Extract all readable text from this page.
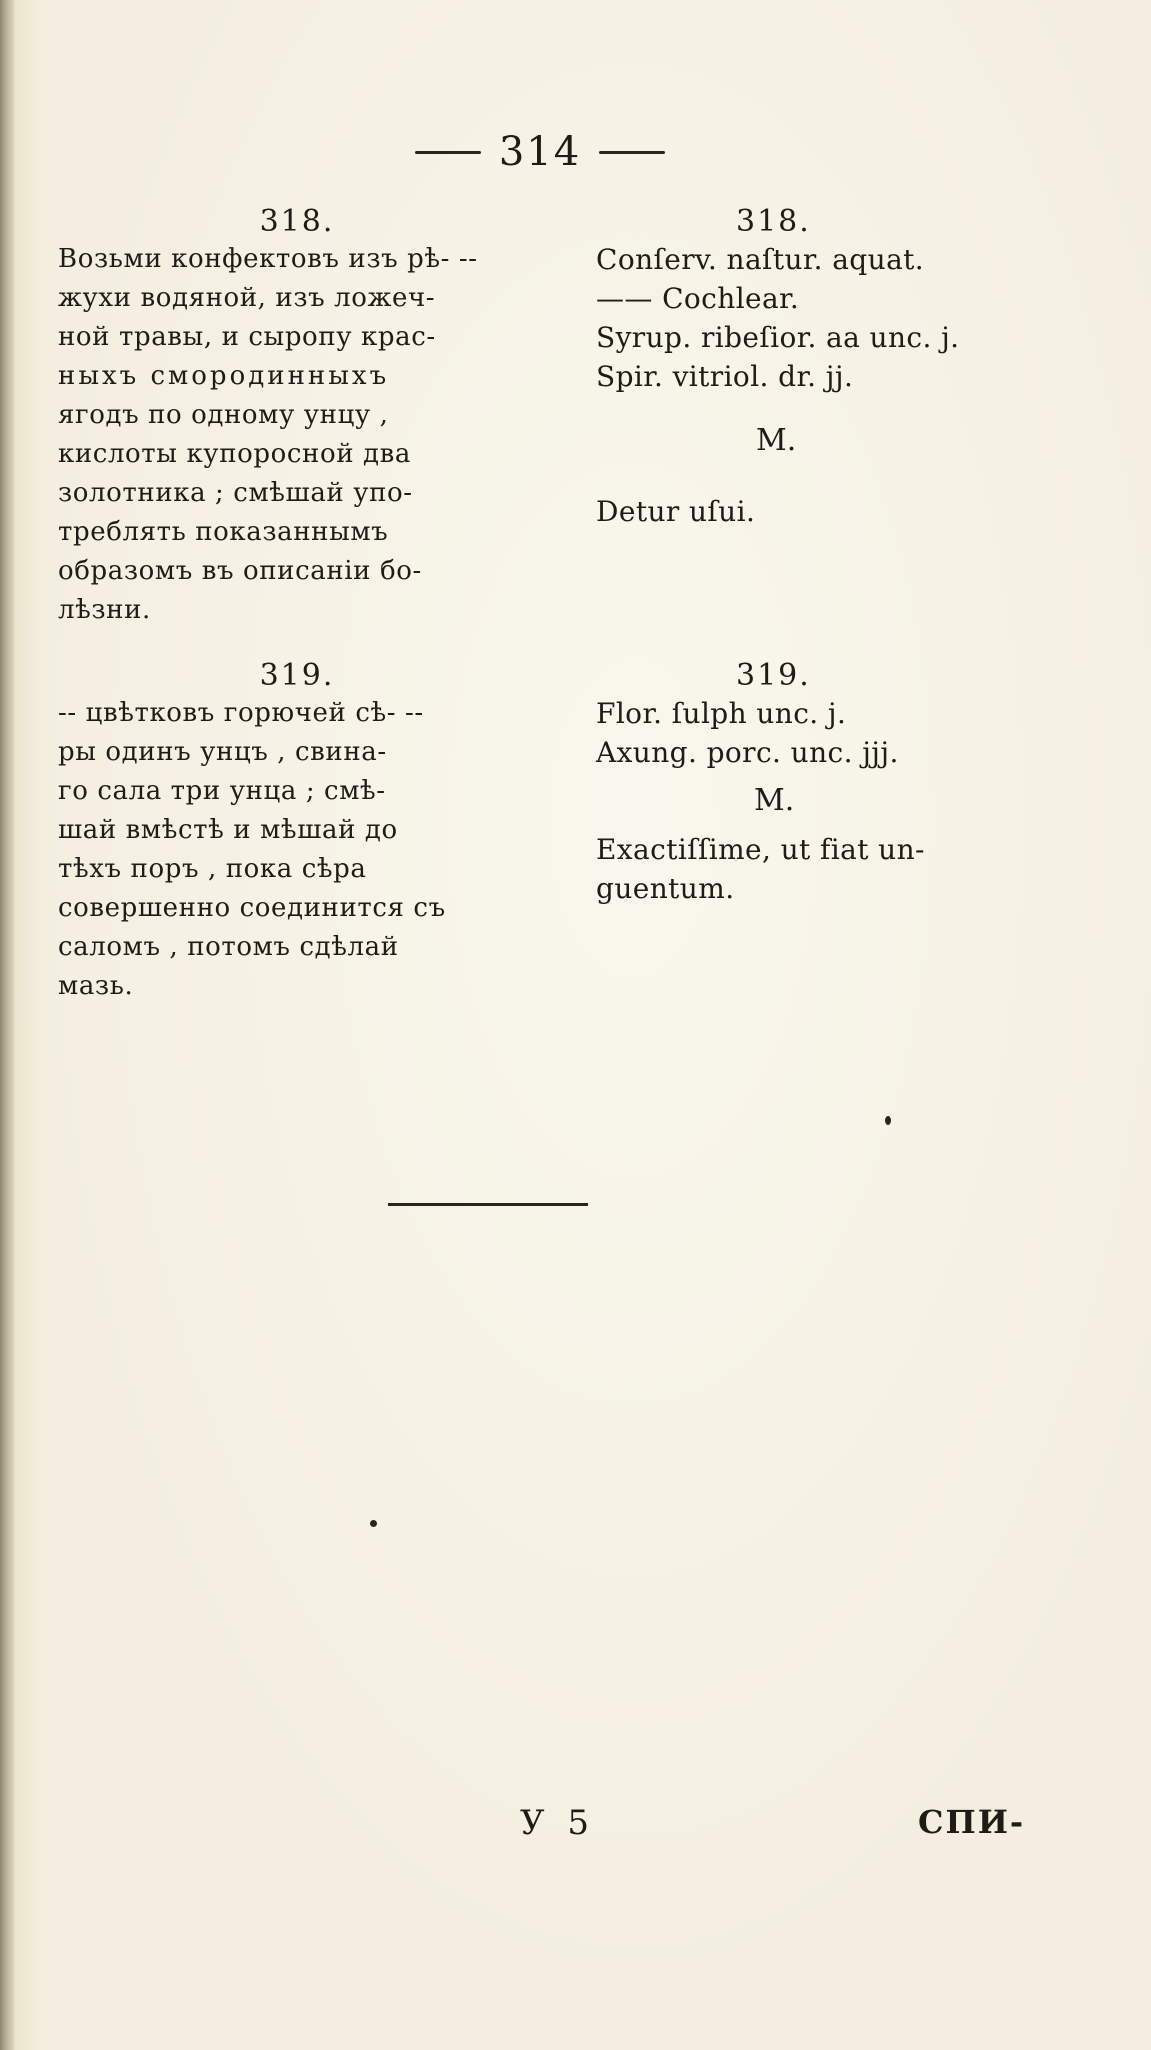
314
318.
Возьми конфектовъ изъ рѣ- --
жухи водяной, изъ ложеч-
ной травы, и сыропу крас-
ныхъ смородинныхъ
ягодъ по одному унцу ,
кислоты купоросной два
золотника ; смѣшай упо-
треблять показаннымъ
образомъ въ описаніи бо-
лѣзни.
319.
-- цвѣтковъ горючей сѣ- --
ры одинъ унцъ , свина-
го сала три унца ; смѣ-
шай вмѣстѣ и мѣшай до
тѣхъ поръ , пока сѣра
совершенно соединится съ
саломъ , потомъ сдѣлай
мазь.
318.
Conſerv. naſtur. aquat.
—— Cochlear.
Syrup. ribeſior. aa unc. j.
Spir. vitriol. dr. jj.
M.
Detur uſui.
319.
Flor. ſulph unc. j.
Axung. porc. unc. jjj.
M.
Exactiſſime, ut fiat un-
guentum.
У 5	СПИ-
